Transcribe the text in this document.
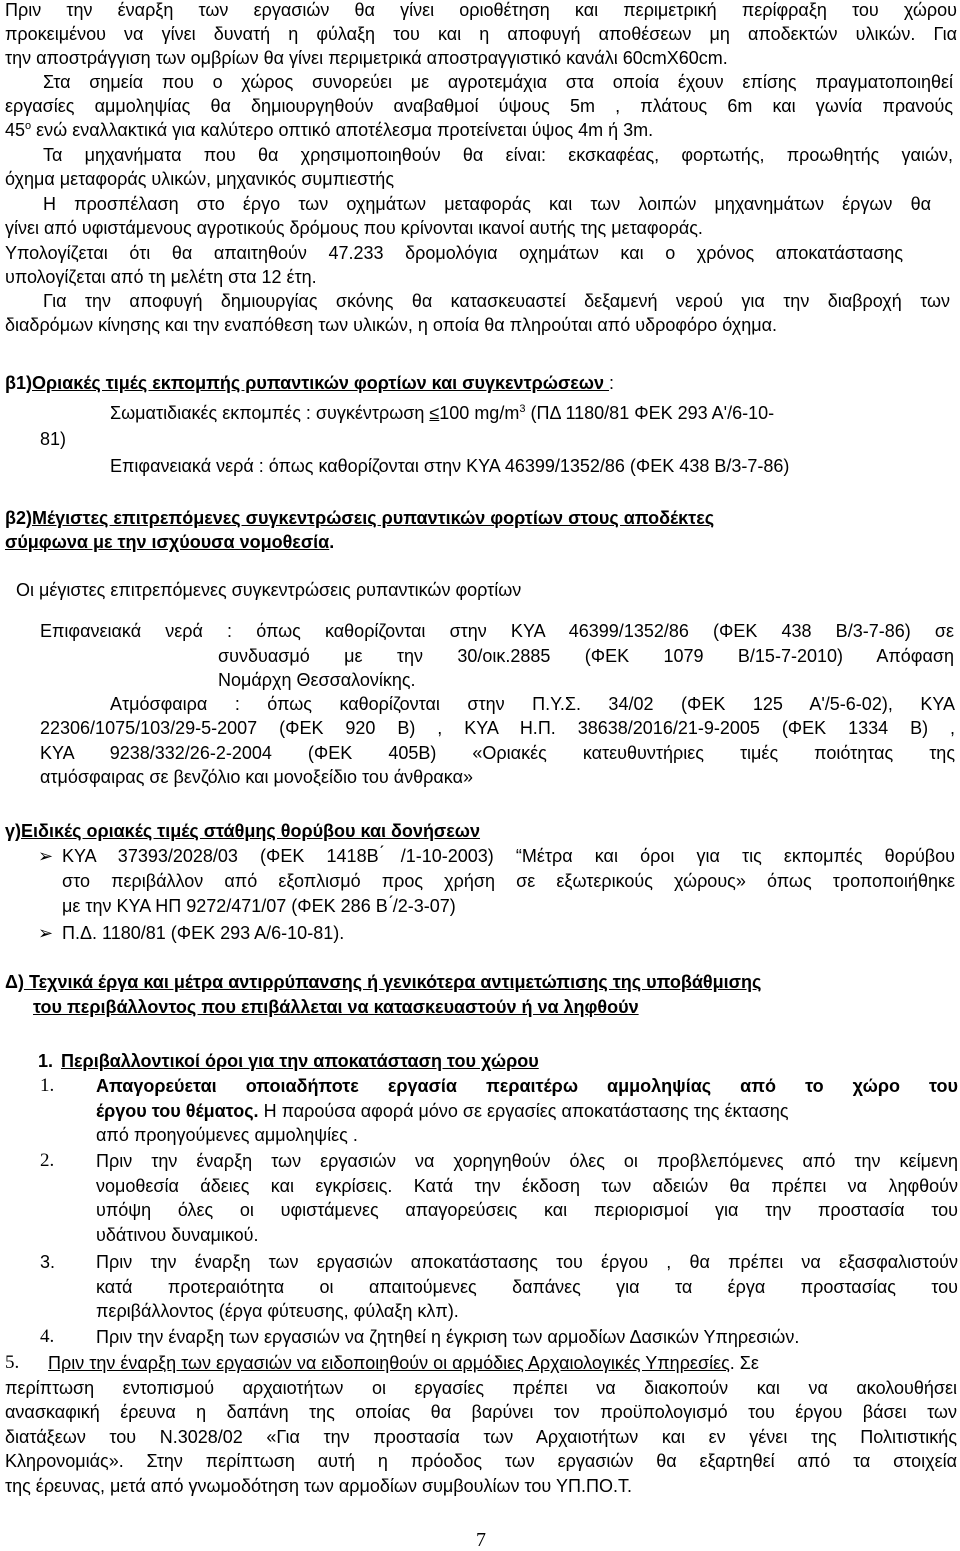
Πριν την έναρξη των εργασιών θα γίνει οριοθέτηση και περιμετρική περίφραξη του χώρου
προκειμένου να γίνει δυνατή η φύλαξη του και η αποφυγή αποθέσεων μη αποδεκτών υλικών. Για
την αποστράγγιση των ομβρίων θα γίνει περιμετρικά αποστραγγιστικό κανάλι 60cmX60cm.
Στα σημεία που ο χώρος συνορεύει με αγροτεμάχια στα οποία έχουν επίσης πραγματοποιηθεί
εργασίες αμμοληψίας θα δημιουργηθούν αναβαθμοί ύψους 5m , πλάτους 6m και γωνία πρανούς
$45^o$ ενώ εναλλακτικά για καλύτερο οπτικό αποτέλεσμα προτείνεται ύψος 4m ή 3m.
Τα μηχανήματα που θα χρησιμοποιηθούν θα είναι: εκσκαφέας, φορτωτής, προωθητής γαιών,
όχημα μεταφοράς υλικών, μηχανικός συμπιεστής
Η προσπέλαση στο έργο των οχημάτων μεταφοράς και των λοιπών μηχανημάτων έργων θα
γίνει από υφιστάμενους αγροτικούς δρόμους που κρίνονται ικανοί αυτής της μεταφοράς.
Υπολογίζεται ότι θα απαιτηθούν 47.233 δρομολόγια οχημάτων και ο χρόνος αποκατάστασης
υπολογίζεται από τη μελέτη στα 12 έτη.
Για την αποφυγή δημιουργίας σκόνης θα κατασκευαστεί δεξαμενή νερού για την διαβροχή των
διαδρόμων κίνησης και την εναπόθεση των υλικών, η οποία θα πληρούται από υδροφόρο όχημα.
β1)Οριακές τιμές εκπομπής ρυπαντικών φορτίων και συγκεντρώσεων :
Σωματιδιακές εκπομπές : συγκέντρωση ≤100 $mg/m^3$ (ΠΔ 1180/81 ΦΕΚ 293 Α'/6-10-
81)
Επιφανειακά νερά : όπως καθορίζονται στην ΚΥΑ 46399/1352/86 (ΦΕΚ 438 Β/3-7-86)
β2)Μέγιστες επιτρεπόμενες συγκεντρώσεις ρυπαντικών φορτίων στους αποδέκτες
σύμφωνα με την ισχύουσα νομοθεσία.
Οι μέγιστες επιτρεπόμενες συγκεντρώσεις ρυπαντικών φορτίων
Επιφανειακά νερά : όπως καθορίζονται στην ΚΥΑ 46399/1352/86 (ΦΕΚ 438 Β/3-7-86) σε
συνδυασμό με την 30/οικ.2885 (ΦΕΚ 1079 Β/15-7-2010) Απόφαση
Νομάρχη Θεσσαλονίκης.
Ατμόσφαιρα : όπως καθορίζονται στην Π.Υ.Σ. 34/02 (ΦΕΚ 125 Α'/5-6-02), ΚΥΑ
22306/1075/103/29-5-2007 (ΦΕΚ 920 Β) , ΚΥΑ Η.Π. 38638/2016/21-9-2005 (ΦΕΚ 1334 Β) ,
ΚΥΑ 9238/332/26-2-2004 (ΦΕΚ 405Β) «Οριακές κατευθυντήριες τιμές ποιότητας της
ατμόσφαιρας σε βενζόλιο και μονοξείδιο του άνθρακα»
γ)Ειδικές οριακές τιμές στάθμης θορύβου και δονήσεων
➢ ΚΥΑ 37393/2028/03 (ΦΕΚ 1418Β ́/1-10-2003) “Μέτρα και όροι για τις εκπομπές θορύβου
στο περιβάλλον από εξοπλισμό προς χρήση σε εξωτερικούς χώρους» όπως τροποποιήθηκε
με την ΚΥΑ ΗΠ 9272/471/07 (ΦΕΚ 286 Β ́/2-3-07)
➢ Π.Δ. 1180/81 (ΦΕΚ 293 Α/6-10-81).
Δ) Τεχνικά έργα και μέτρα αντιρρύπανσης ή γενικότερα αντιμετώπισης της υποβάθμισης
του περιβάλλοντος που επιβάλλεται να κατασκευαστούν ή να ληφθούν
1. Περιβαλλοντικοί όροι για την αποκατάσταση του χώρου
1. Απαγορεύεται οποιαδήποτε εργασία περαιτέρω αμμοληψίας από το χώρο του
έργου του θέματος. Η παρούσα αφορά μόνο σε εργασίες αποκατάστασης της έκτασης
από προηγούμενες αμμοληψίες .
2. Πριν την έναρξη των εργασιών να χορηγηθούν όλες οι προβλεπόμενες από την κείμενη
νομοθεσία άδειες και εγκρίσεις. Κατά την έκδοση των αδειών θα πρέπει να ληφθούν
υπόψη όλες οι υφιστάμενες απαγορεύσεις και περιορισμοί για την προστασία του
υδάτινου δυναμικού.
3. Πριν την έναρξη των εργασιών αποκατάστασης του έργου , θα πρέπει να εξασφαλιστούν
κατά προτεραιότητα οι απαιτούμενες δαπάνες για τα έργα προστασίας του
περιβάλλοντος (έργα φύτευσης, φύλαξη κλπ).
4. Πριν την έναρξη των εργασιών να ζητηθεί η έγκριση των αρμοδίων Δασικών Υπηρεσιών.
5. Πριν την έναρξη των εργασιών να ειδοποιηθούν οι αρμόδιες Αρχαιολογικές Υπηρεσίες. Σε
περίπτωση εντοπισμού αρχαιοτήτων οι εργασίες πρέπει να διακοπούν και να ακολουθήσει
ανασκαφική έρευνα η δαπάνη της οποίας θα βαρύνει τον προϋπολογισμό του έργου βάσει των
διατάξεων του Ν.3028/02 «Για την προστασία των Αρχαιοτήτων και εν γένει της Πολιτιστικής
Κληρονομιάς». Στην περίπτωση αυτή η πρόοδος των εργασιών θα εξαρτηθεί από τα στοιχεία
της έρευνας, μετά από γνωμοδότηση των αρμοδίων συμβουλίων του ΥΠ.ΠΟ.Τ.
7
